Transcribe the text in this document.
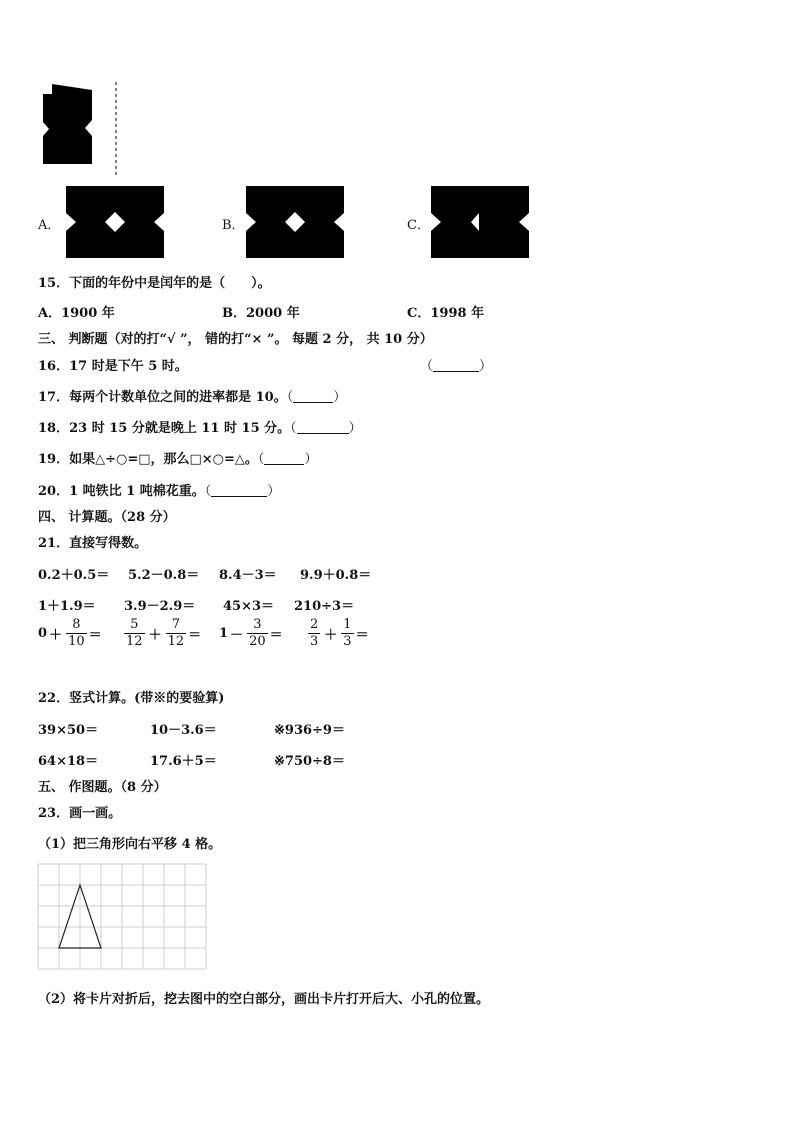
A．	B．	C．
15．下面的年份中是闰年的是（　　）。
A．1900 年	B．2000 年	C．1998 年
三、 判断题（对的打“√ ”， 错的打“× ”。 每题 2 分， 共 10 分）
16．17 时是下午 5 时。	（	）
17．每两个计数单位之间的进率都是 10。（	）
18．23 时 15 分就是晚上 11 时 15 分。（	）
19．如果△÷○=□，那么□×○=△。（	）
20．1 吨铁比 1 吨棉花重。（	）
四、 计算题。（28 分）
21．直接写得数。
0.2＋0.5＝ 5.2－0.8＝ 8.4－3＝ 9.9＋0.8＝
1＋1.9＝ 3.9－2.9＝ 45×3＝ 210÷3＝
$0 + \frac{8}{10} = \frac{5}{12} + \frac{7}{12} = 1 - \frac{3}{20} = \frac{2}{3} + \frac{1}{3}$ ＝
22．竖式计算。(带※的要验算)
39×50＝	10－3.6＝	※936÷9＝
64×18＝	17.6＋5＝	※750÷8＝
五、 作图题。（8 分）
23．画一画。
（1）把三角形向右平移 4 格。
（2）将卡片对折后，挖去图中的空白部分，画出卡片打开后大、小孔的位置。
